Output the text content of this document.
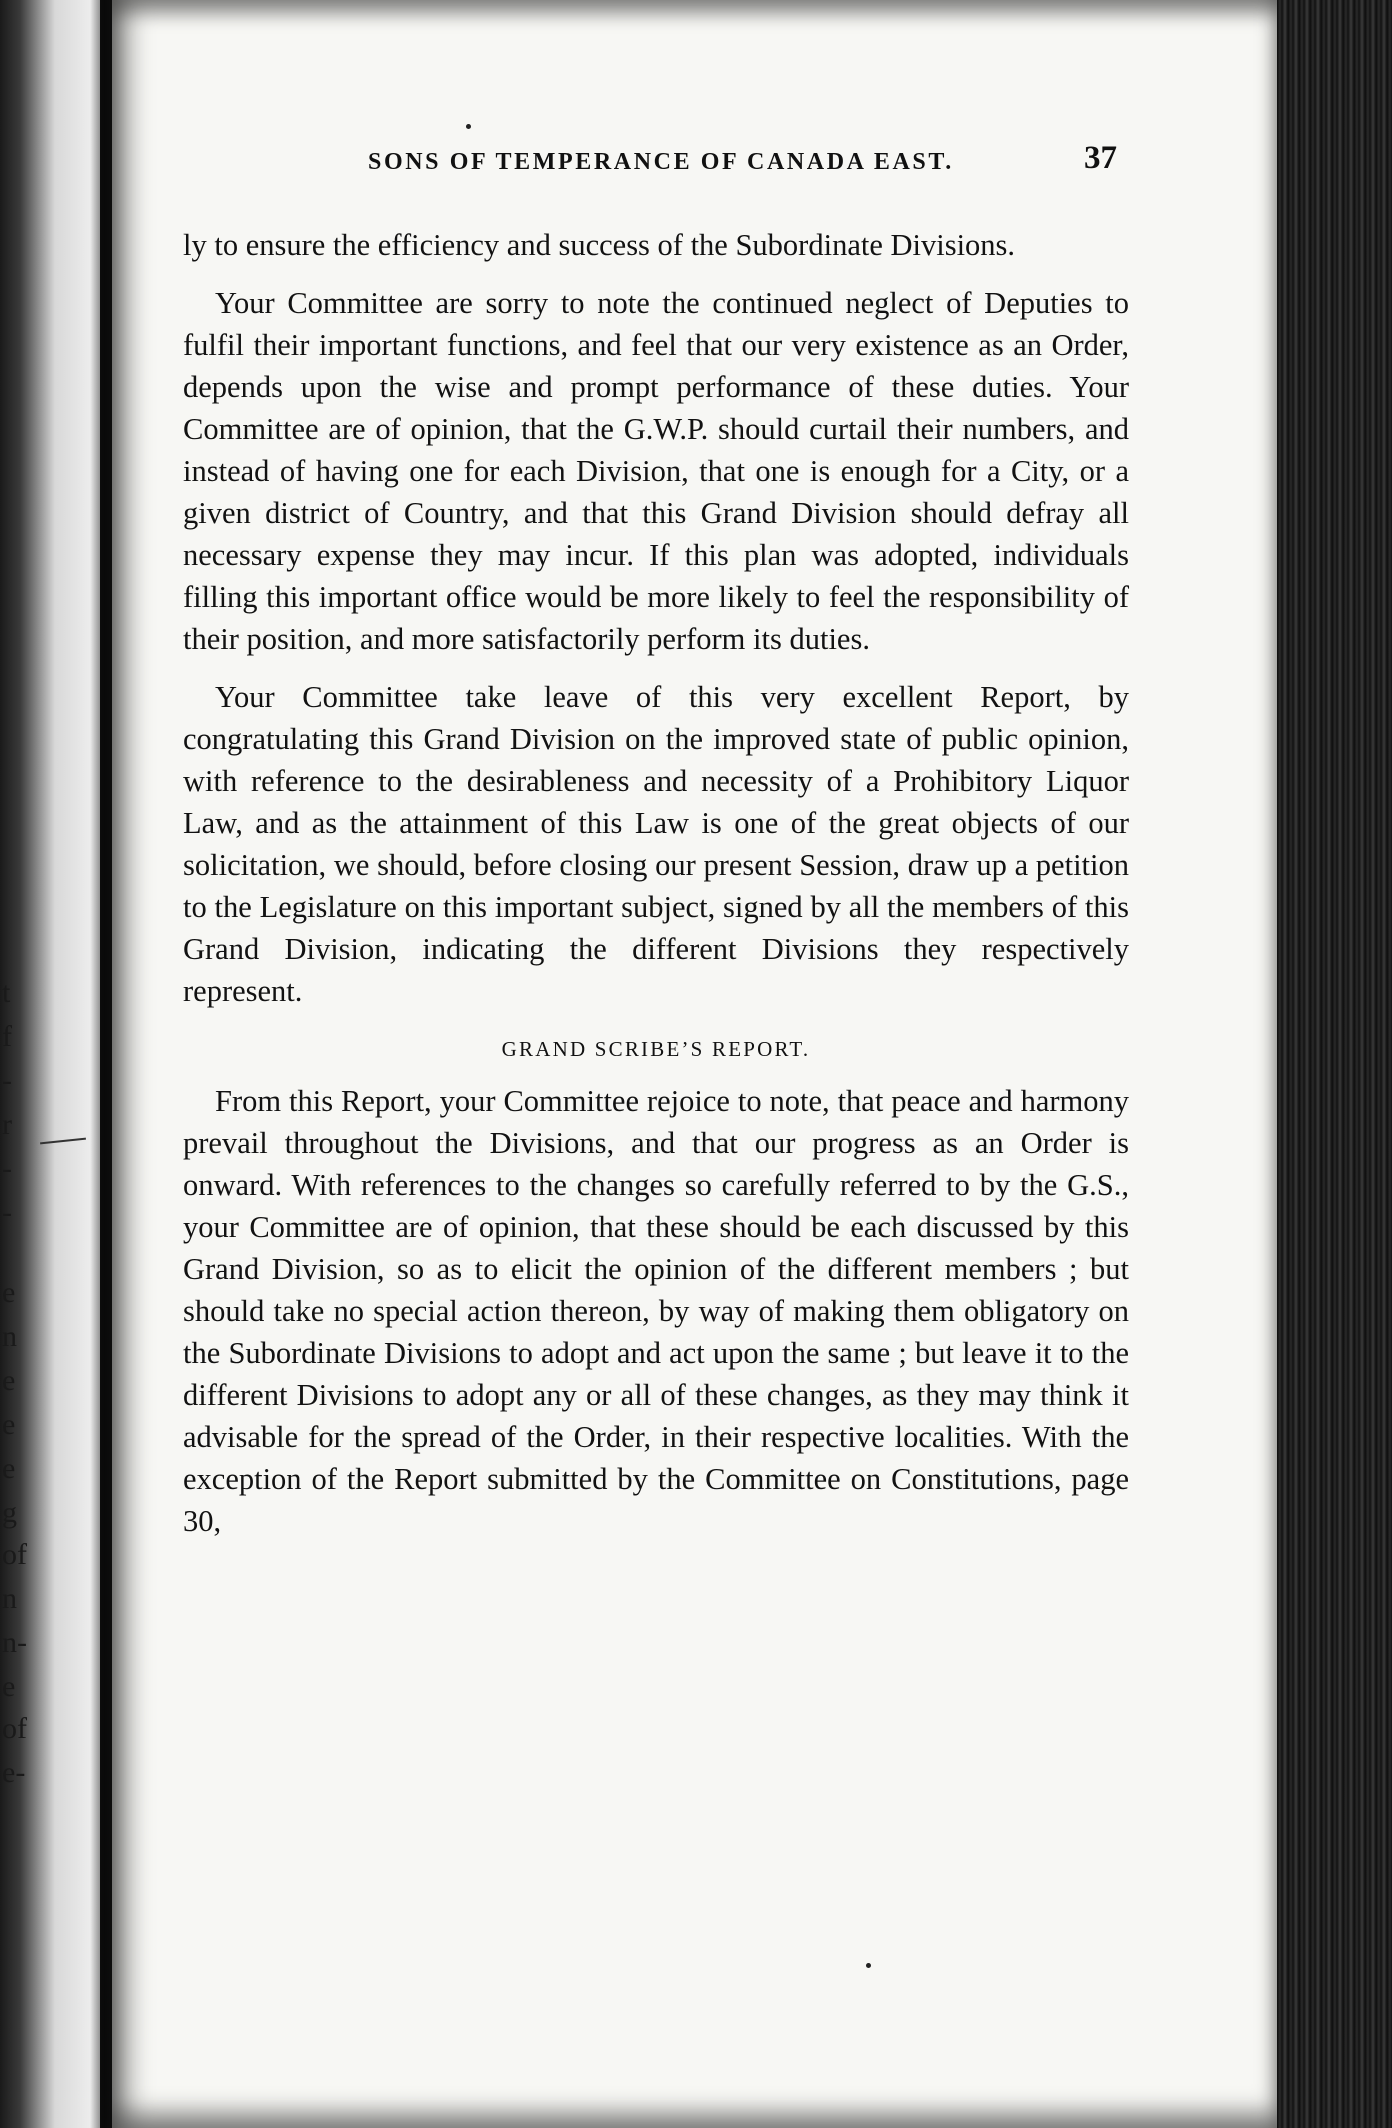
t
f
-
r
-
-
e
n
e
e
e
g
of
n
n-
e
of
e-
SONS OF TEMPERANCE OF CANADA EAST.	37

ly to ensure the efficiency and success of the Subordinate Divisions.

Your Committee are sorry to note the continued neglect of Deputies to fulfil their important functions, and feel that our very existence as an Order, depends upon the wise and prompt performance of these duties. Your Committee are of opinion, that the G.W.P. should curtail their numbers, and instead of having one for each Division, that one is enough for a City, or a given district of Country, and that this Grand Division should defray all necessary expense they may incur. If this plan was adopted, individuals filling this important office would be more likely to feel the responsibility of their position, and more satisfactorily perform its duties.

Your Committee take leave of this very excellent Report, by congratulating this Grand Division on the improved state of public opinion, with reference to the desirableness and necessity of a Prohibitory Liquor Law, and as the attainment of this Law is one of the great objects of our solicitation, we should, before closing our present Session, draw up a petition to the Legislature on this important subject, signed by all the members of this Grand Division, indicating the different Divisions they respectively represent.

GRAND SCRIBE’S REPORT.

From this Report, your Committee rejoice to note, that peace and harmony prevail throughout the Divisions, and that our progress as an Order is onward. With references to the changes so carefully referred to by the G.S., your Committee are of opinion, that these should be each discussed by this Grand Division, so as to elicit the opinion of the different members ; but should take no special action thereon, by way of making them obligatory on the Subordinate Divisions to adopt and act upon the same ; but leave it to the different Divisions to adopt any or all of these changes, as they may think it advisable for the spread of the Order, in their respective localities. With the exception of the Report submitted by the Committee on Constitutions, page 30,
